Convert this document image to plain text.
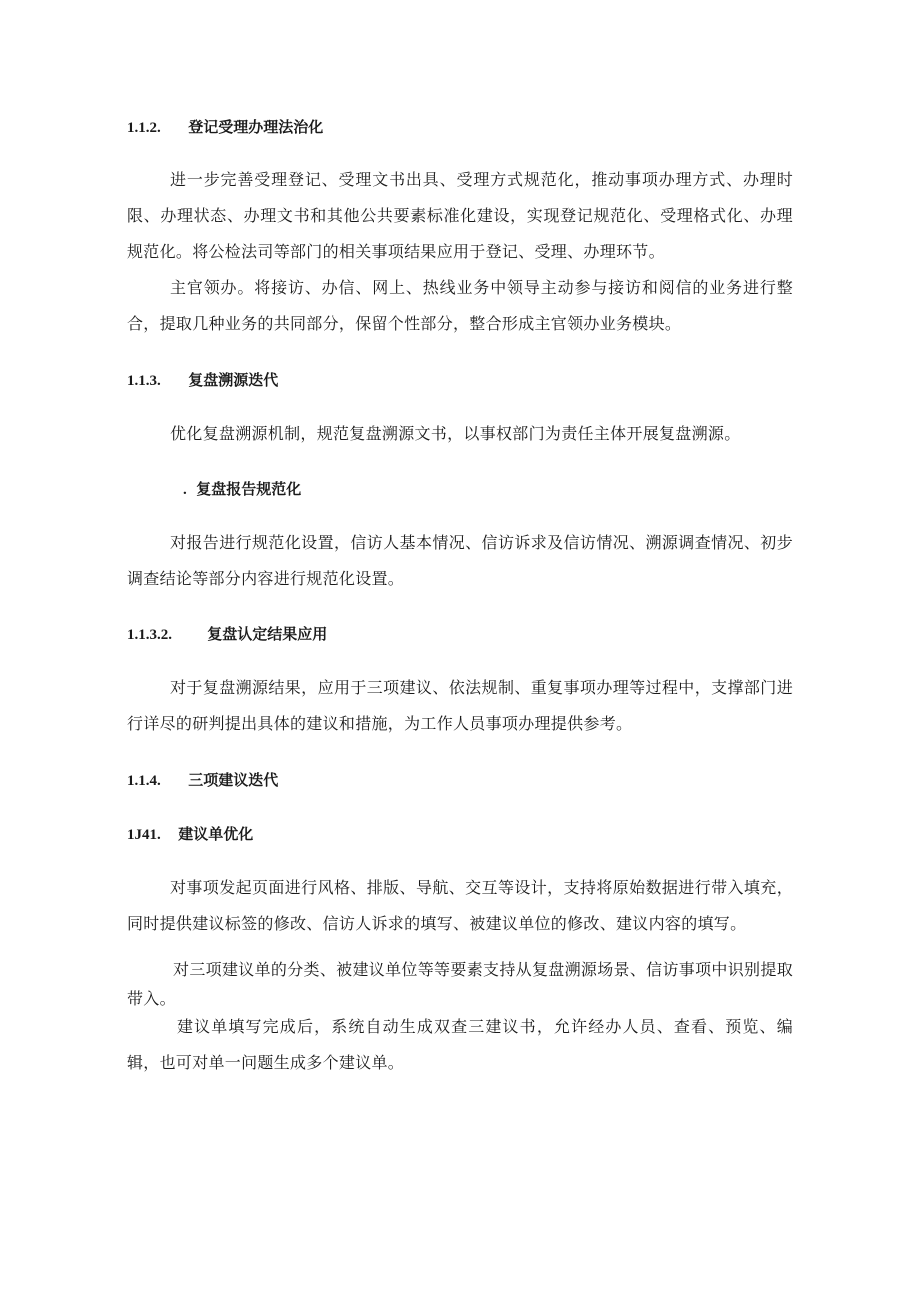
1.1.2. 登记受理办理法治化
进一步完善受理登记、受理文书出具、受理方式规范化，推动事项办理方式、办理时限、办理状态、办理文书和其他公共要素标准化建设，实现登记规范化、受理格式化、办理规范化。将公检法司等部门的相关事项结果应用于登记、受理、办理环节。
主官领办。将接访、办信、网上、热线业务中领导主动参与接访和阅信的业务进行整合，提取几种业务的共同部分，保留个性部分，整合形成主官领办业务模块。
1.1.3. 复盘溯源迭代
优化复盘溯源机制，规范复盘溯源文书，以事权部门为责任主体开展复盘溯源。
. 复盘报告规范化
对报告进行规范化设置，信访人基本情况、信访诉求及信访情况、溯源调查情况、初步调查结论等部分内容进行规范化设置。
1.1.3.2. 复盘认定结果应用
对于复盘溯源结果，应用于三项建议、依法规制、重复事项办理等过程中，支撑部门进行详尽的研判提出具体的建议和措施，为工作人员事项办理提供参考。
1.1.4. 三项建议迭代
1J41. 建议单优化
对事项发起页面进行风格、排版、导航、交互等设计，支持将原始数据进行带入填充，同时提供建议标签的修改、信访人诉求的填写、被建议单位的修改、建议内容的填写。
对三项建议单的分类、被建议单位等等要素支持从复盘溯源场景、信访事项中识别提取带入。
建议单填写完成后，系统自动生成双查三建议书，允许经办人员、查看、预览、编辑，也可对单一问题生成多个建议单。
